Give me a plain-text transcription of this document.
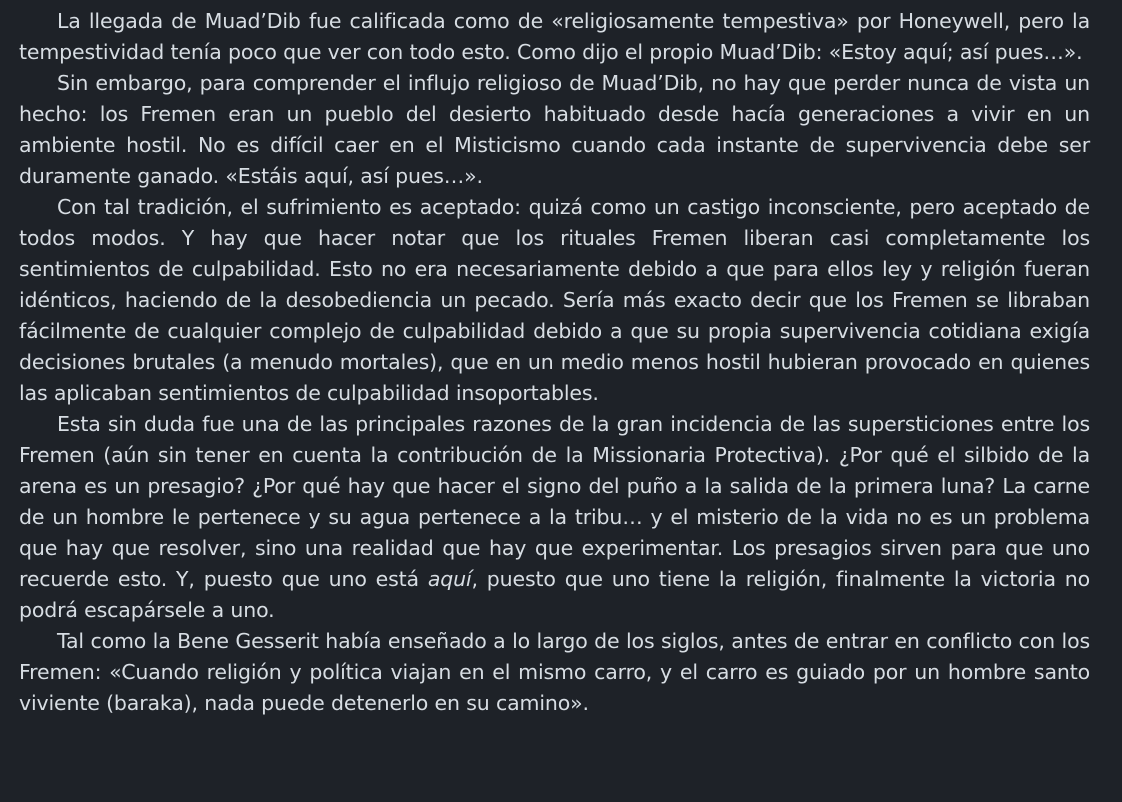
La llegada de Muad’Dib fue calificada como de «religiosamente tempestiva» por Honeywell, pero la tempestividad tenía poco que ver con todo esto. Como dijo el propio Muad’Dib: «Estoy aquí; así pues…».

Sin embargo, para comprender el influjo religioso de Muad’Dib, no hay que perder nunca de vista un hecho: los Fremen eran un pueblo del desierto habituado desde hacía generaciones a vivir en un ambiente hostil. No es difícil caer en el Misticismo cuando cada instante de supervivencia debe ser duramente ganado. «Estáis aquí, así pues…».

Con tal tradición, el sufrimiento es aceptado: quizá como un castigo inconsciente, pero aceptado de todos modos. Y hay que hacer notar que los rituales Fremen liberan casi completamente los sentimientos de culpabilidad. Esto no era necesariamente debido a que para ellos ley y religión fueran idénticos, haciendo de la desobediencia un pecado. Sería más exacto decir que los Fremen se libraban fácilmente de cualquier complejo de culpabilidad debido a que su propia supervivencia cotidiana exigía decisiones brutales (a menudo mortales), que en un medio menos hostil hubieran provocado en quienes las aplicaban sentimientos de culpabilidad insoportables.

Esta sin duda fue una de las principales razones de la gran incidencia de las supersticiones entre los Fremen (aún sin tener en cuenta la contribución de la Missionaria Protectiva). ¿Por qué el silbido de la arena es un presagio? ¿Por qué hay que hacer el signo del puño a la salida de la primera luna? La carne de un hombre le pertenece y su agua pertenece a la tribu… y el misterio de la vida no es un problema que hay que resolver, sino una realidad que hay que experimentar. Los presagios sirven para que uno recuerde esto. Y, puesto que uno está aquí, puesto que uno tiene la religión, finalmente la victoria no podrá escapársele a uno.

Tal como la Bene Gesserit había enseñado a lo largo de los siglos, antes de entrar en conflicto con los Fremen: «Cuando religión y política viajan en el mismo carro, y el carro es guiado por un hombre santo viviente (baraka), nada puede detenerlo en su camino».
